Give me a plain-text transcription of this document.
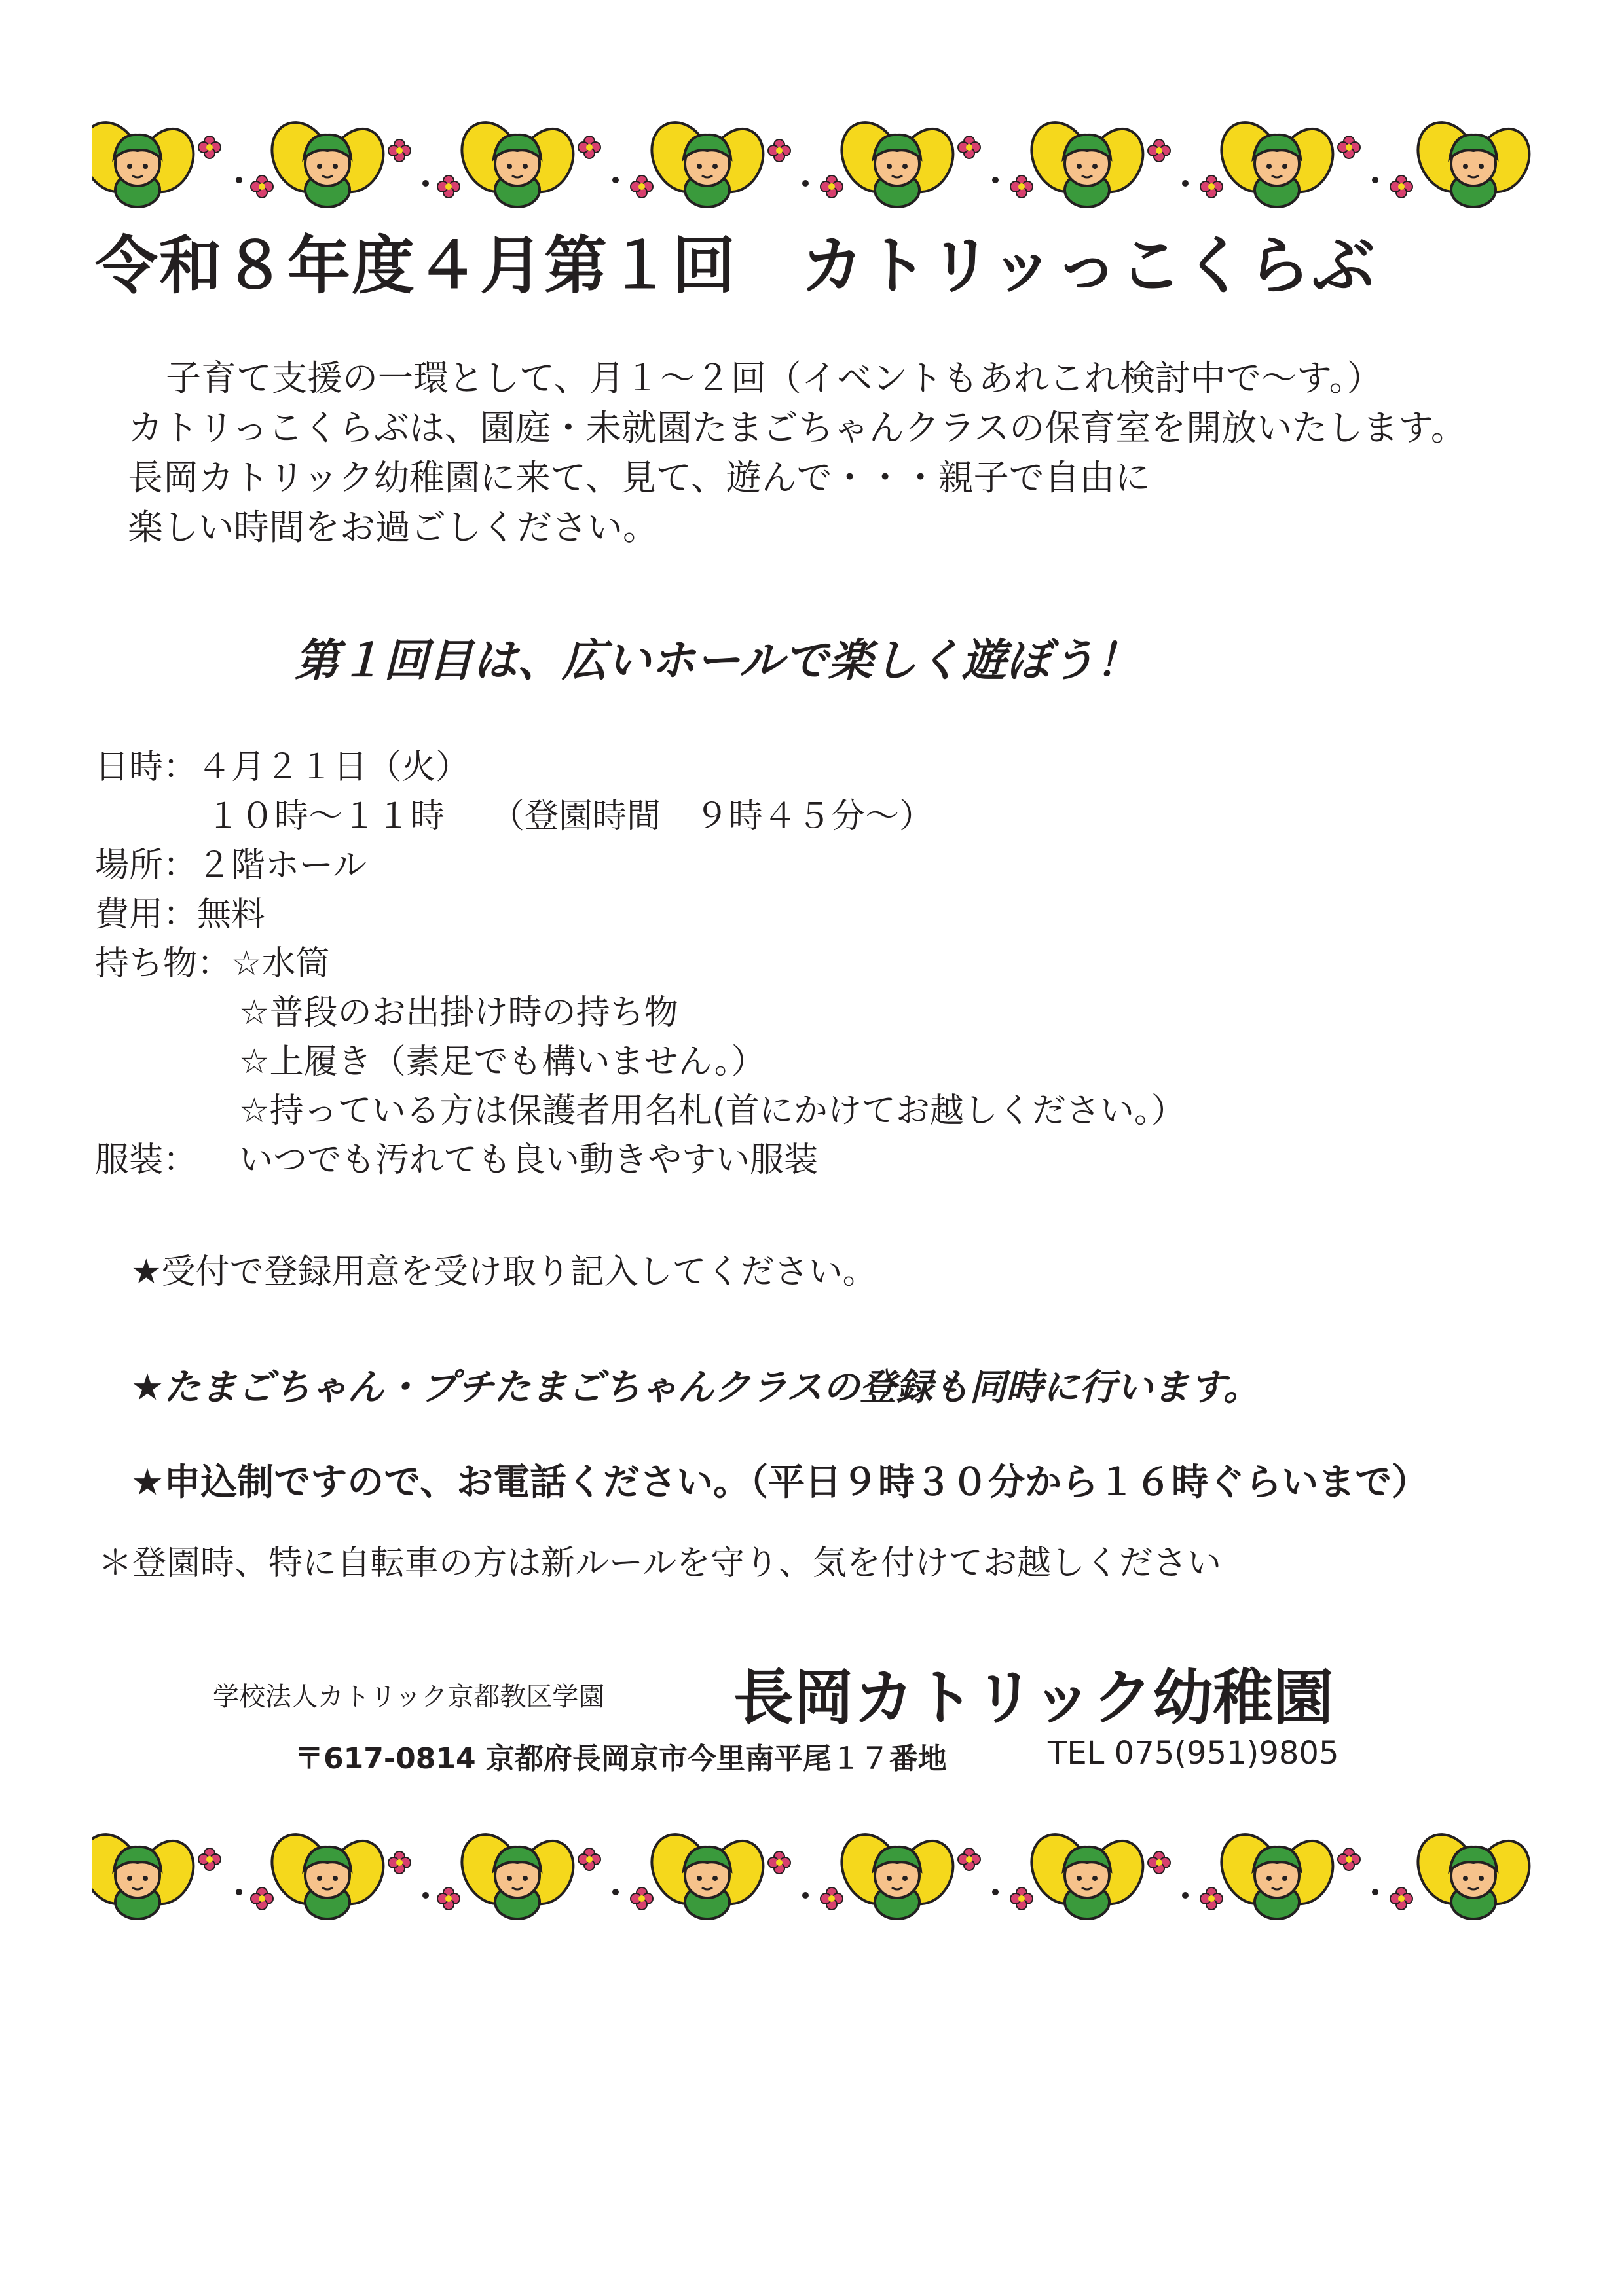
令和８年度４月第１回　カトリッっこくらぶ
子育て支援の一環として、月１～２回（イベントもあれこれ検討中で～す。）
カトリっこくらぶは、園庭・未就園たまごちゃんクラスの保育室を開放いたします。
長岡カトリック幼稚園に来て、見て、遊んで・・・親子で自由に
楽しい時間をお過ごしください。
第１回目は、広いホールで楽しく遊ぼう！
日時： ４月２１日（火）
１０時～１１時 （登園時間　９時４５分～）
場所： ２階ホール
費用： 無料
持ち物： ☆水筒
☆普段のお出掛け時の持ち物
☆上履き（素足でも構いません。）
☆持っている方は保護者用名札(首にかけてお越しください。）
服装：	いつでも汚れても良い動きやすい服装
★受付で登録用意を受け取り記入してください。
★たまごちゃん・プチたまごちゃんクラスの登録も同時に行います。
★申込制ですので、お電話ください。（平日９時３０分から１６時ぐらいまで）
＊登園時、特に自転車の方は新ルールを守り、気を付けてお越しください
学校法人カトリック京都教区学園 長岡カトリック幼稚園
〒617-0814 京都府長岡京市今里南平尾１７番地	TEL 075(951)9805
